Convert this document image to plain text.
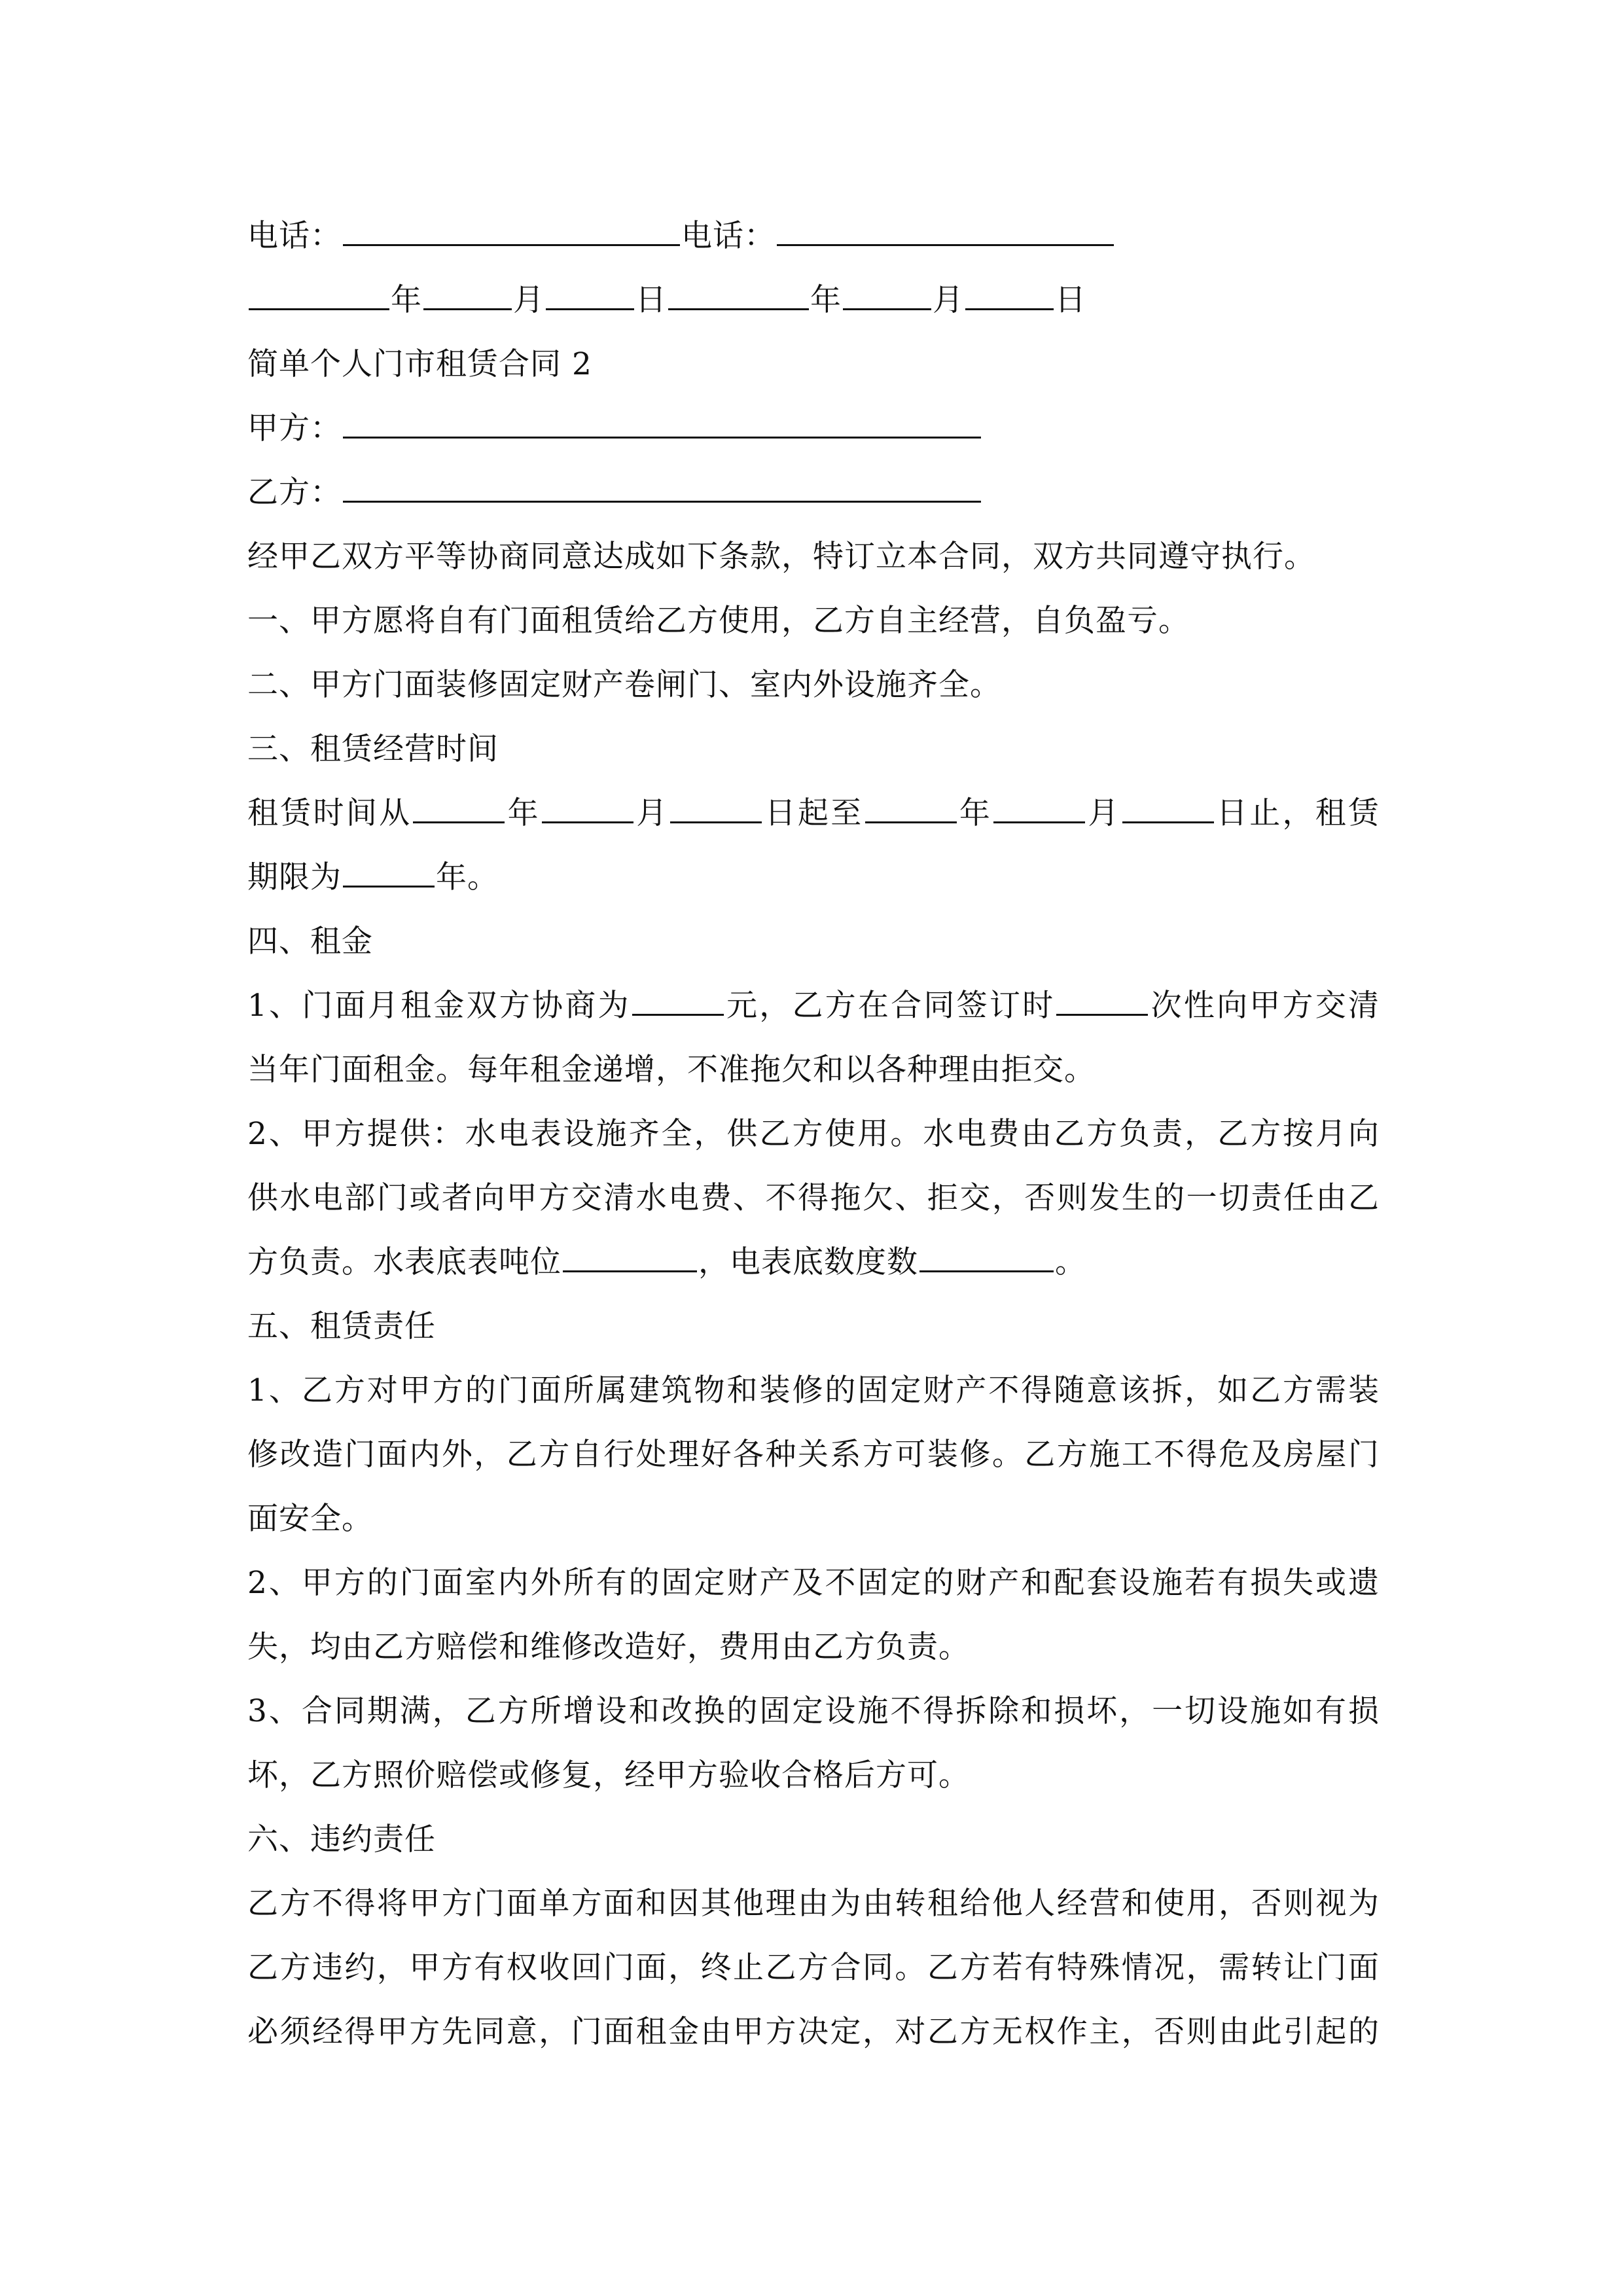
电话：	电话：
年	月	日	年	月	日
简单个人门市租赁合同 2
甲方：
乙方：
经甲乙双方平等协商同意达成如下条款，特订立本合同，双方共同遵守执行。
一、甲方愿将自有门面租赁给乙方使用，乙方自主经营，自负盈亏。
二、甲方门面装修固定财产卷闸门、室内外设施齐全。
三、租赁经营时间
租赁时间从	年	月	日起至	年	月	日止，租赁
期限为	年。
四、租金
1、门面月租金双方协商为	元，乙方在合同签订时	次性向甲方交清
当年门面租金。每年租金递增，不准拖欠和以各种理由拒交。
2、甲方提供：水电表设施齐全，供乙方使用。水电费由乙方负责，乙方按月向
供水电部门或者向甲方交清水电费、不得拖欠、拒交，否则发生的一切责任由乙
方负责。水表底表吨位	，电表底数度数	。
五、租赁责任
1、乙方对甲方的门面所属建筑物和装修的固定财产不得随意该拆，如乙方需装
修改造门面内外，乙方自行处理好各种关系方可装修。乙方施工不得危及房屋门
面安全。
2、甲方的门面室内外所有的固定财产及不固定的财产和配套设施若有损失或遗
失，均由乙方赔偿和维修改造好，费用由乙方负责。
3、合同期满，乙方所增设和改换的固定设施不得拆除和损坏，一切设施如有损
坏，乙方照价赔偿或修复，经甲方验收合格后方可。
六、违约责任
乙方不得将甲方门面单方面和因其他理由为由转租给他人经营和使用，否则视为
乙方违约，甲方有权收回门面，终止乙方合同。乙方若有特殊情况，需转让门面
必须经得甲方先同意，门面租金由甲方决定，对乙方无权作主，否则由此引起的
